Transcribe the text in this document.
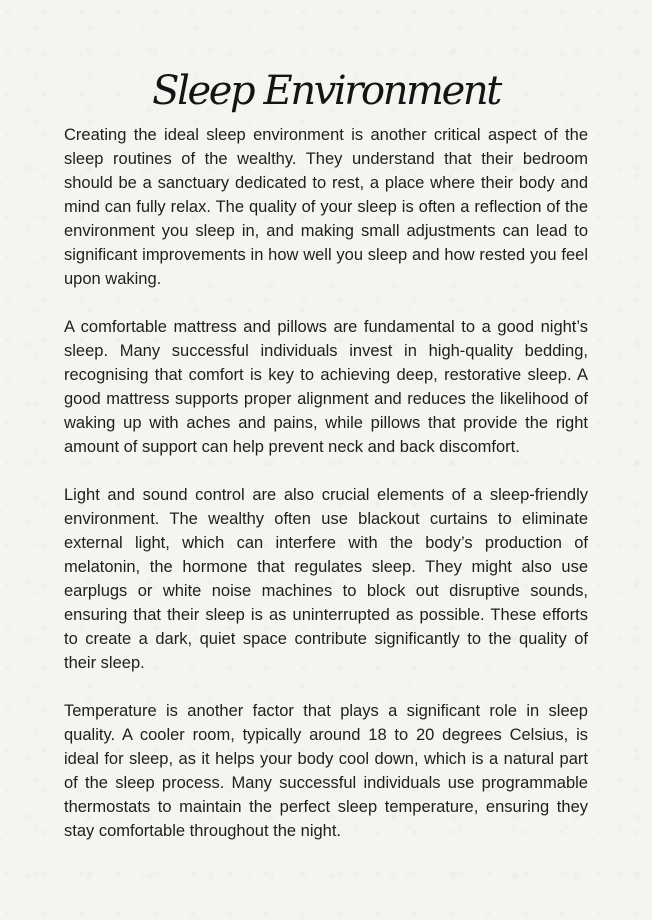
Sleep Environment

Creating the ideal sleep environment is another critical aspect of the sleep routines of the wealthy. They understand that their bedroom should be a sanctuary dedicated to rest, a place where their body and mind can fully relax. The quality of your sleep is often a reflection of the environment you sleep in, and making small adjustments can lead to significant improvements in how well you sleep and how rested you feel upon waking.

A comfortable mattress and pillows are fundamental to a good night’s sleep. Many successful individuals invest in high-quality bedding, recognising that comfort is key to achieving deep, restorative sleep. A good mattress supports proper alignment and reduces the likelihood of waking up with aches and pains, while pillows that provide the right amount of support can help prevent neck and back discomfort.

Light and sound control are also crucial elements of a sleep-friendly environment. The wealthy often use blackout curtains to eliminate external light, which can interfere with the body’s production of melatonin, the hormone that regulates sleep. They might also use earplugs or white noise machines to block out disruptive sounds, ensuring that their sleep is as uninterrupted as possible. These efforts to create a dark, quiet space contribute significantly to the quality of their sleep.

Temperature is another factor that plays a significant role in sleep quality. A cooler room, typically around 18 to 20 degrees Celsius, is ideal for sleep, as it helps your body cool down, which is a natural part of the sleep process. Many successful individuals use programmable thermostats to maintain the perfect sleep temperature, ensuring they stay comfortable throughout the night.
